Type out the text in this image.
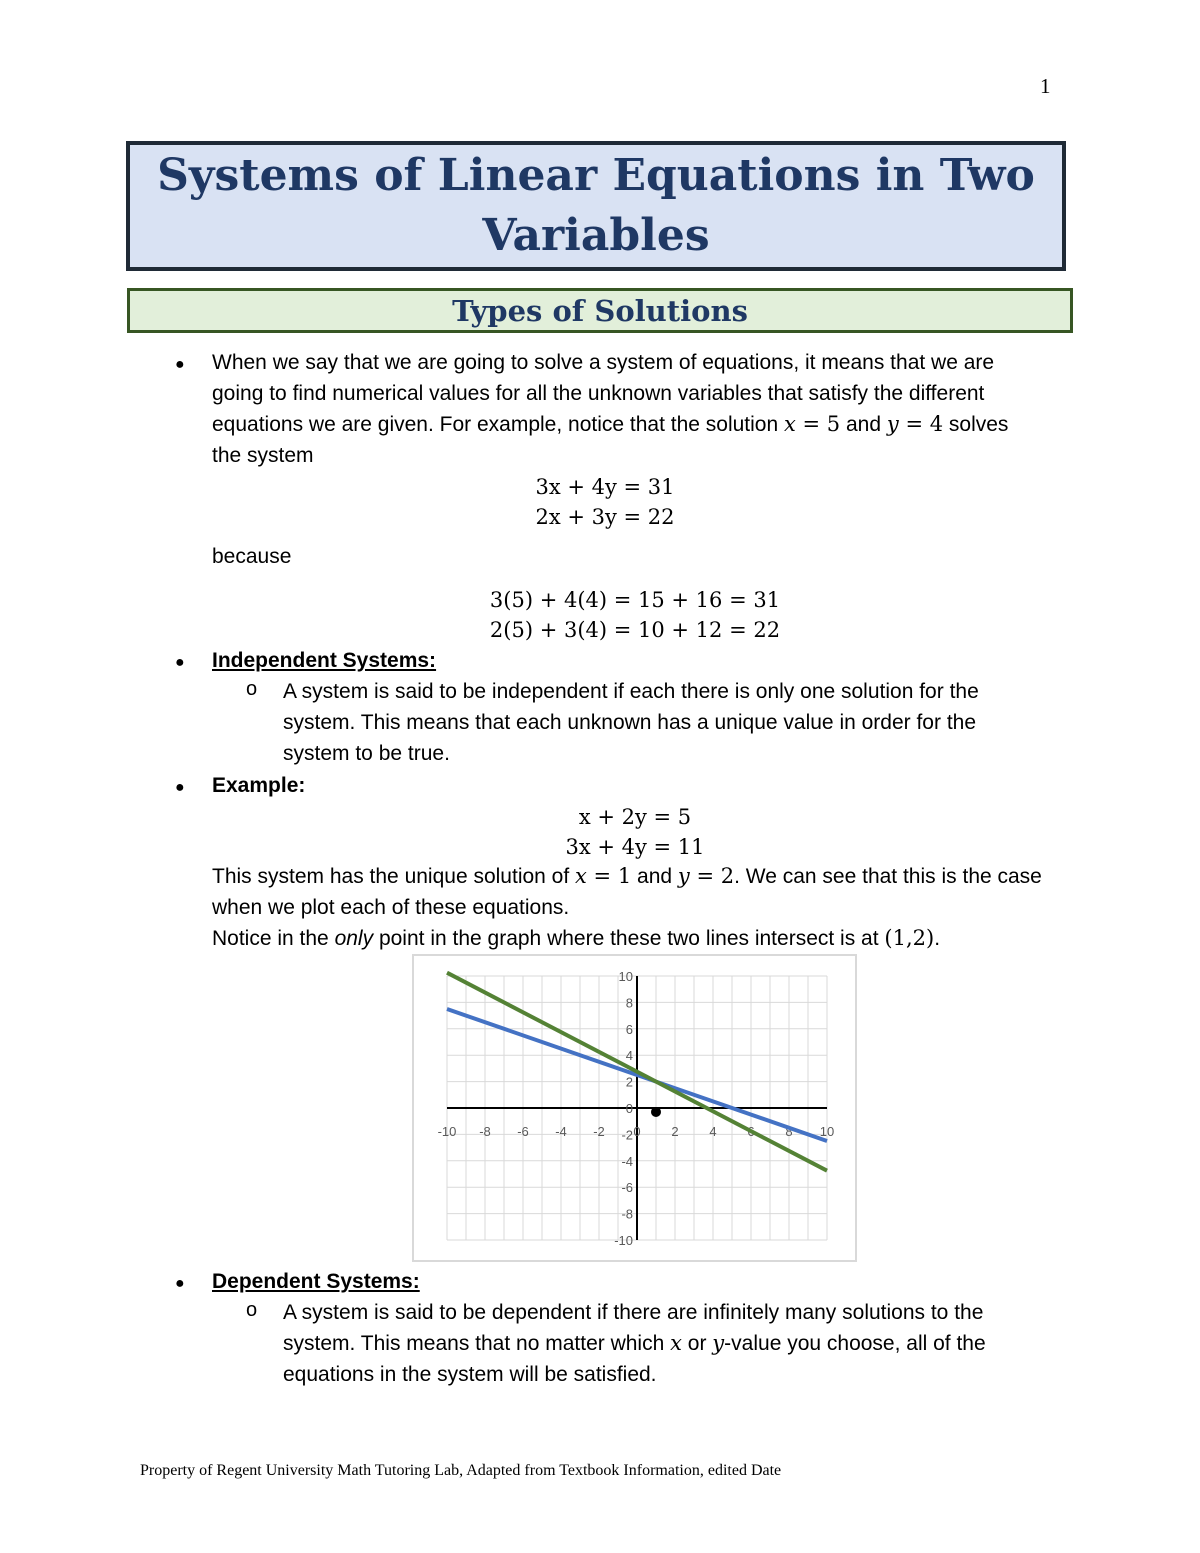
1
Systems of Linear Equations in Two Variables
Types of Solutions
● When we say that we are going to solve a system of equations, it means that we are
going to find numerical values for all the unknown variables that satisfy the different
equations we are given. For example, notice that the solution x = 5 and y = 4 solves
the system
3x + 4y = 31
2x + 3y = 22
because
3(5) + 4(4) = 15 + 16 = 31
2(5) + 3(4) = 10 + 12 = 22
● Independent Systems:
o A system is said to be independent if each there is only one solution for the
system. This means that each unknown has a unique value in order for the
system to be true.
● Example:
x + 2y = 5
3x + 4y = 11
This system has the unique solution of x = 1 and y = 2. We can see that this is the case
when we plot each of these equations.
Notice in the only point in the graph where these two lines intersect is at (1,2).
-10 -8 -6 -4 -2 0 2 4 6 8 10
-10
-8
-6
-4
-2
0
2
4
6
8
10
● Dependent Systems:
o A system is said to be dependent if there are infinitely many solutions to the
system. This means that no matter which x or y-value you choose, all of the
equations in the system will be satisfied.
Property of Regent University Math Tutoring Lab, Adapted from Textbook Information, edited Date
